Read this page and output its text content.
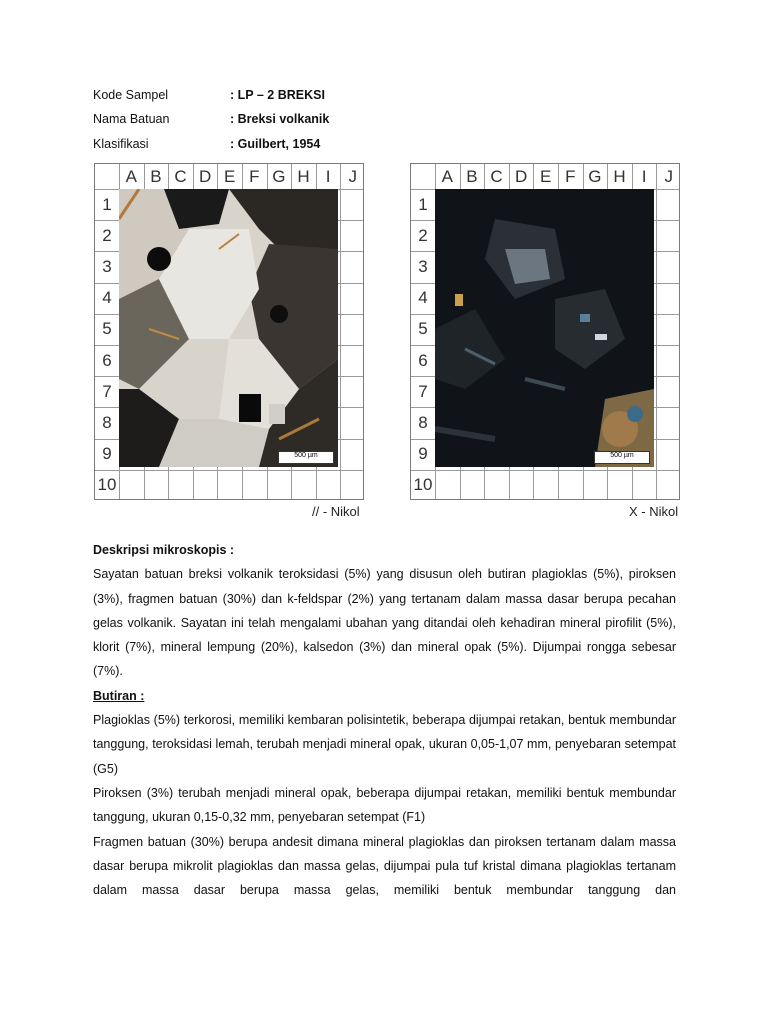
Kode Sampel	: LP – 2 BREKSI
Nama Batuan	: Breksi volkanik
Klasifikasi	: Guilbert, 1954
500 µm
A B C D E F G H I	J
1
2
3
4
5
6
7
8
9
10
500 µm
A B C D E F G H I	J
1
2
3
4
5
6
7
8
9
10
// - Nikol	X - Nikol

Deskripsi mikroskopis :

Sayatan batuan breksi volkanik teroksidasi (5%) yang disusun oleh butiran plagioklas (5%), piroksen (3%), fragmen batuan (30%) dan k-feldspar (2%) yang tertanam dalam massa dasar berupa pecahan gelas volkanik. Sayatan ini telah mengalami ubahan yang ditandai oleh kehadiran mineral pirofilit (5%), klorit (7%), mineral lempung (20%), kalsedon (3%) dan mineral opak (5%). Dijumpai rongga sebesar (7%).

Butiran :

Plagioklas (5%) terkorosi, memiliki kembaran polisintetik, beberapa dijumpai retakan, bentuk membundar tanggung, teroksidasi lemah, terubah menjadi mineral opak, ukuran 0,05-1,07 mm, penyebaran setempat (G5)

Piroksen (3%) terubah menjadi mineral opak, beberapa dijumpai retakan, memiliki bentuk membundar tanggung, ukuran 0,15-0,32 mm, penyebaran setempat (F1)

Fragmen batuan (30%) berupa andesit dimana mineral plagioklas dan piroksen tertanam dalam massa dasar berupa mikrolit plagioklas dan massa gelas, dijumpai pula tuf kristal dimana plagioklas tertanam dalam massa dasar berupa massa gelas, memiliki bentuk membundar tanggung dan
